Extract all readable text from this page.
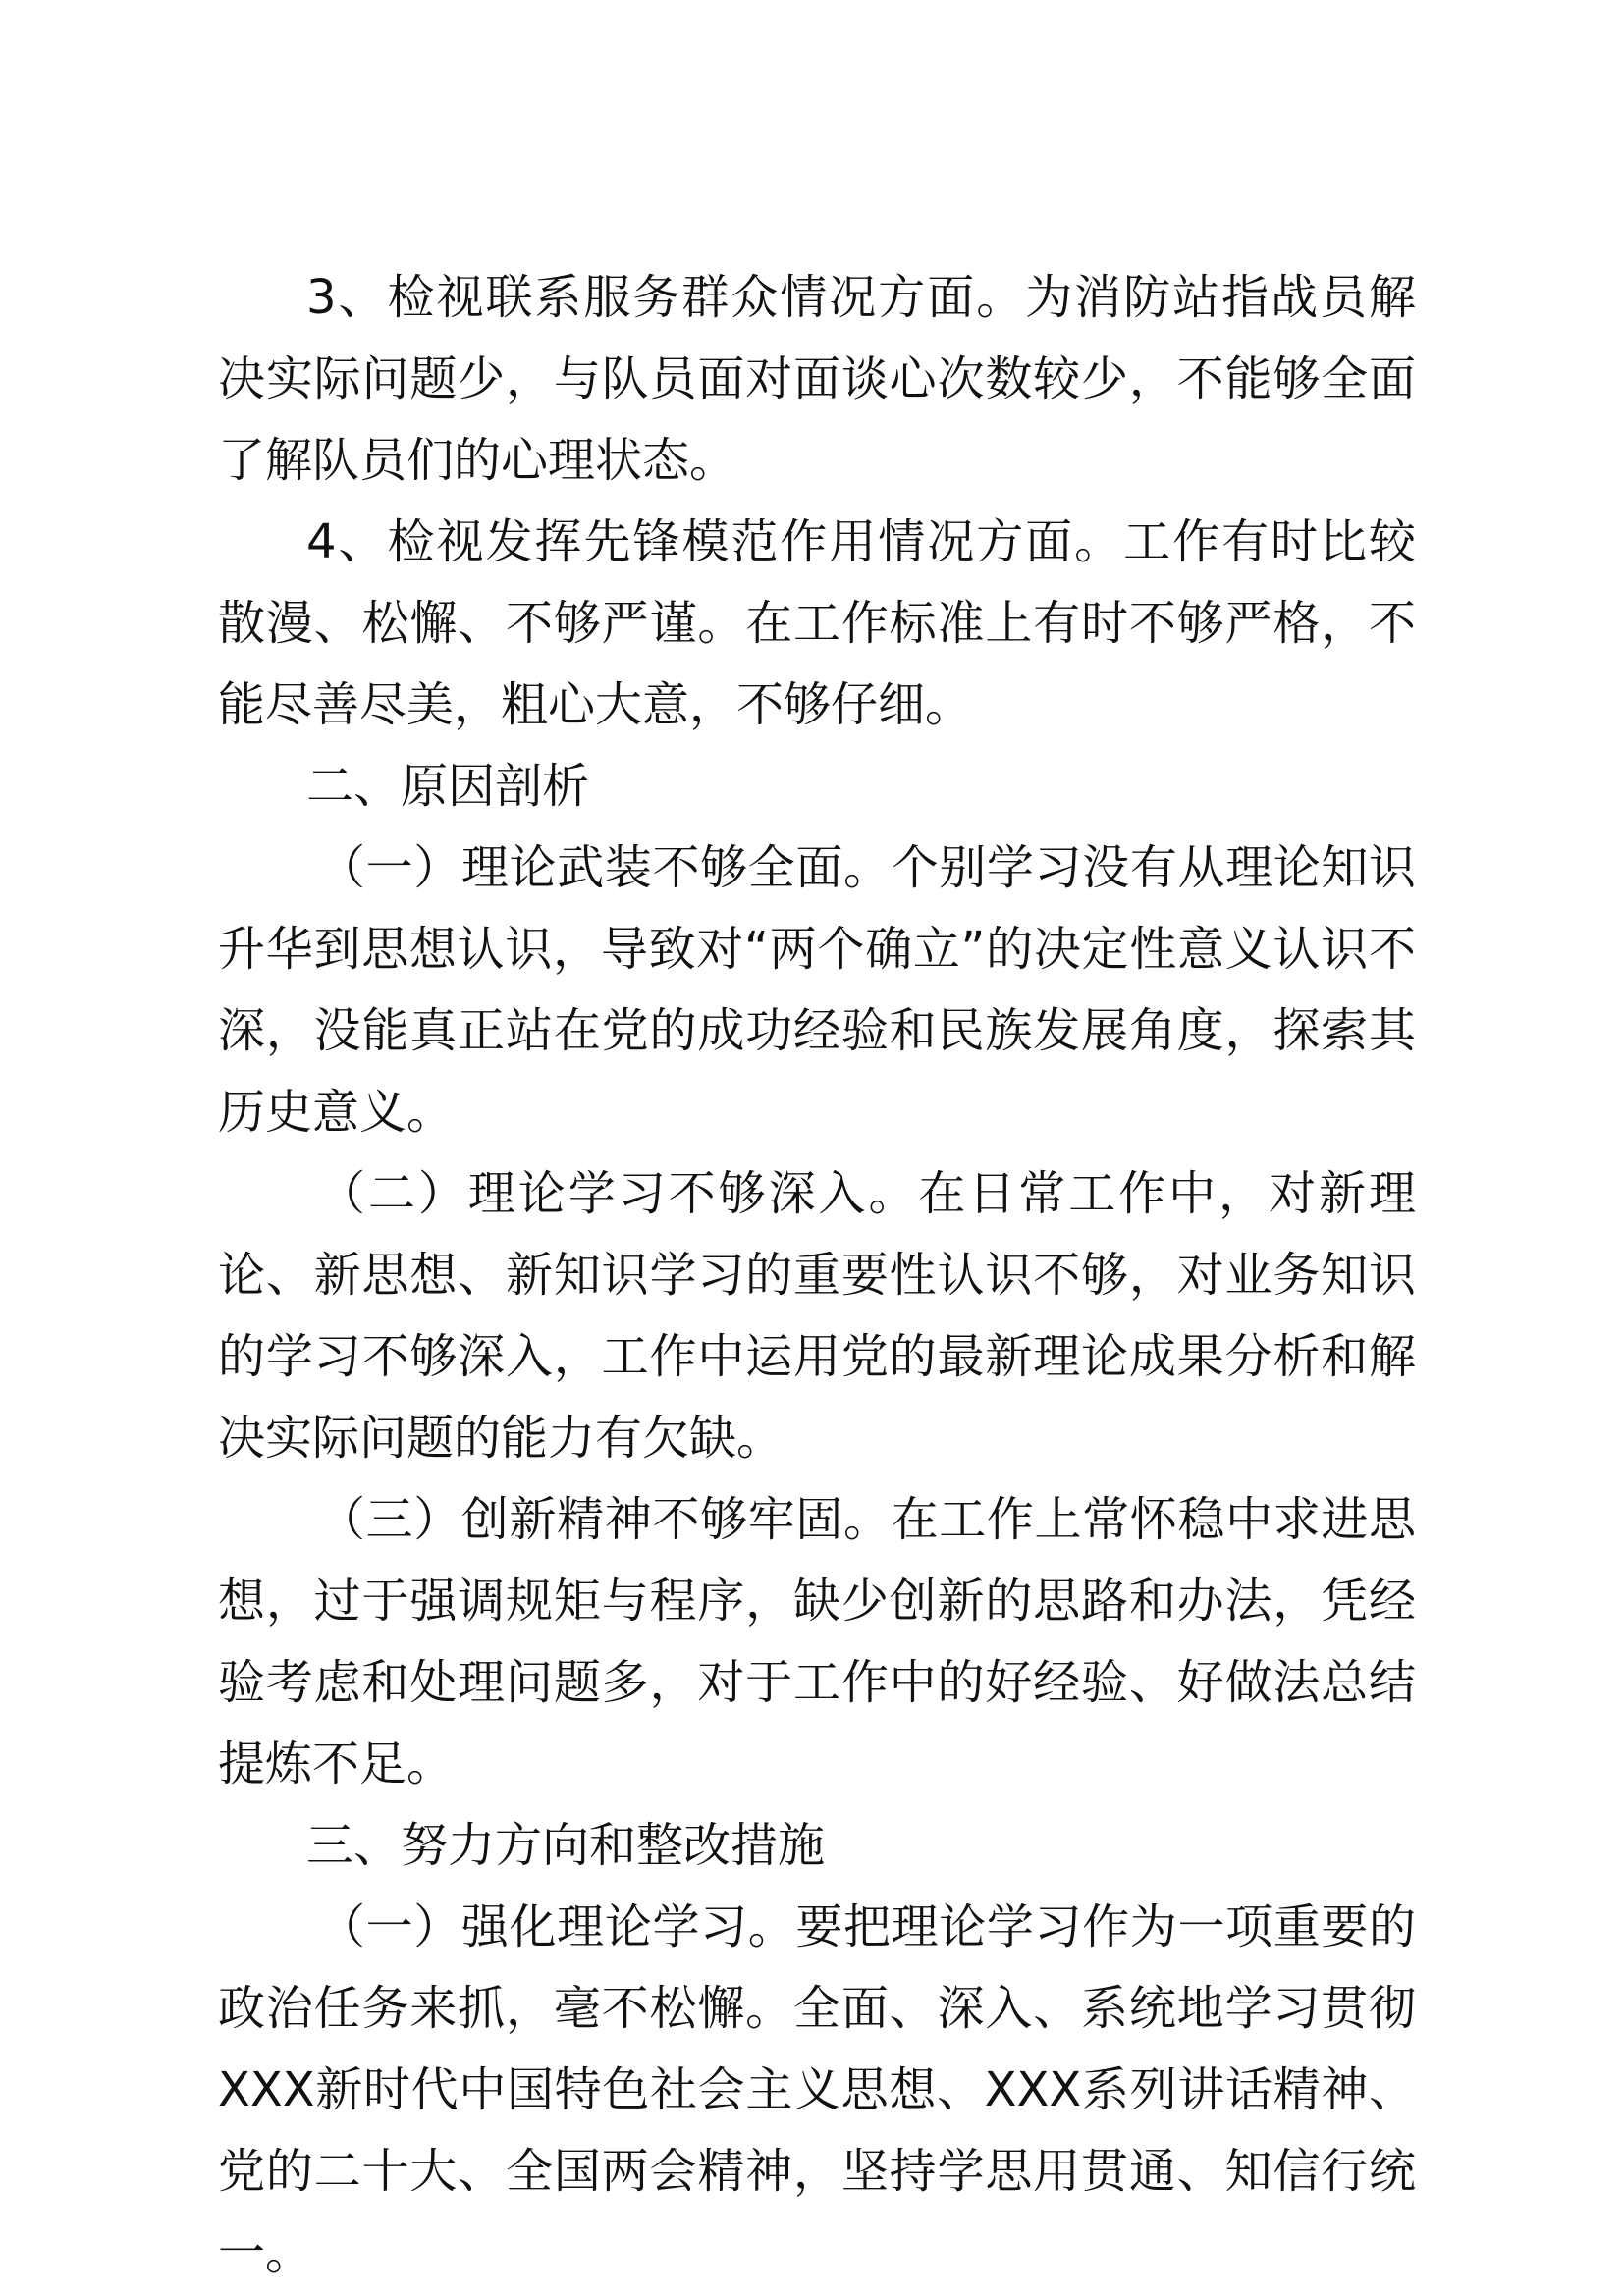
3、检视联系服务群众情况方面。为消防站指战员解决实际问题少，与队员面对面谈心次数较少，不能够全面了解队员们的心理状态。

4、检视发挥先锋模范作用情况方面。工作有时比较散漫、松懈、不够严谨。在工作标准上有时不够严格，不能尽善尽美，粗心大意，不够仔细。

二、原因剖析

（一）理论武装不够全面。个别学习没有从理论知识升华到思想认识，导致对“两个确立”的决定性意义认识不深，没能真正站在党的成功经验和民族发展角度，探索其历史意义。

（二）理论学习不够深入。在日常工作中，对新理论、新思想、新知识学习的重要性认识不够，对业务知识的学习不够深入，工作中运用党的最新理论成果分析和解决实际问题的能力有欠缺。

（三）创新精神不够牢固。在工作上常怀稳中求进思想，过于强调规矩与程序，缺少创新的思路和办法，凭经验考虑和处理问题多，对于工作中的好经验、好做法总结提炼不足。

三、努力方向和整改措施

（一）强化理论学习。要把理论学习作为一项重要的政治任务来抓，毫不松懈。全面、深入、系统地学习贯彻XXX新时代中国特色社会主义思想、XXX系列讲话精神、党的二十大、全国两会精神，坚持学思用贯通、知信行统一。
